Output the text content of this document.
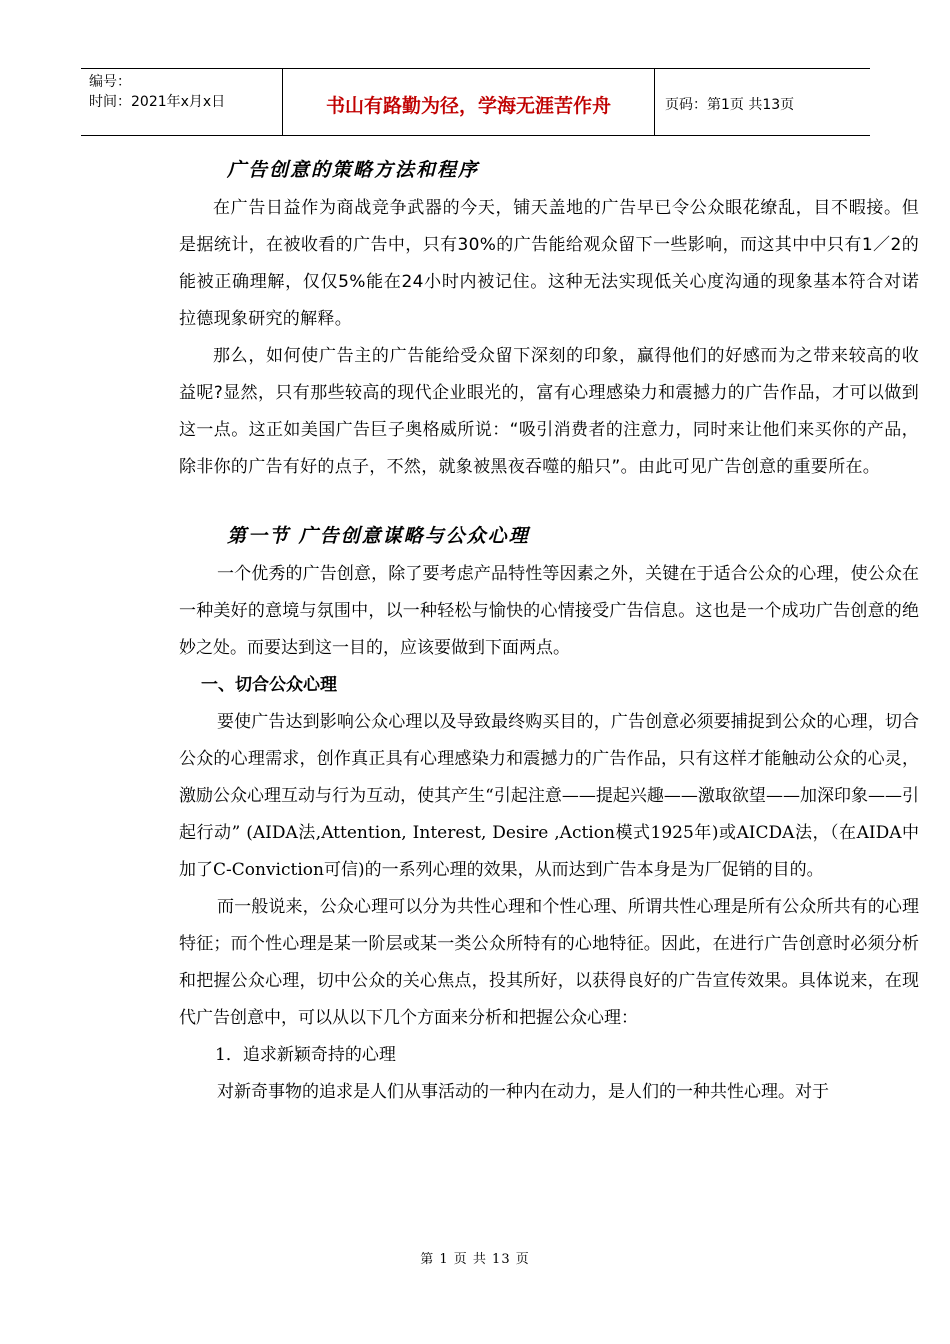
编号：
时间：2021年x月x日	书山有路勤为径，学海无涯苦作舟	页码：第1页 共13页
广告创意的策略方法和程序

在广告日益作为商战竞争武器的今天，铺天盖地的广告早已令公众眼花缭乱，目不暇接。但是据统计，在被收看的广告中，只有30%的广告能给观众留下一些影响，而这其中中只有1／2的能被正确理解，仅仅5%能在24小时内被记住。这种无法实现低关心度沟通的现象基本符合对诺拉德现象研究的解释。

那么，如何使广告主的广告能给受众留下深刻的印象，赢得他们的好感而为之带来较高的收益呢?显然，只有那些较高的现代企业眼光的，富有心理感染力和震撼力的广告作品，才可以做到这一点。这正如美国广告巨子奥格威所说：“吸引消费者的注意力，同时来让他们来买你的产品，除非你的广告有好的点子，不然，就象被黑夜吞噬的船只”。由此可见广告创意的重要所在。

第一节 广告创意谋略与公众心理

一个优秀的广告创意，除了要考虑产品特性等因素之外，关键在于适合公众的心理，使公众在一种美好的意境与氛围中，以一种轻松与愉快的心情接受广告信息。这也是一个成功广告创意的绝妙之处。而要达到这一目的，应该要做到下面两点。

一、切合公众心理

要使广告达到影响公众心理以及导致最终购买目的，广告创意必须要捕捉到公众的心理，切合公众的心理需求，创作真正具有心理感染力和震撼力的广告作品，只有这样才能触动公众的心灵，激励公众心理互动与行为互动，使其产生“引起注意——提起兴趣——激取欲望——加深印象——引起行动” (AIDA法,Attention, Interest, Desire ,Action模式1925年)或AICDA法，（在AIDA中加了C-Conviction可信)的一系列心理的效果，从而达到广告本身是为厂促销的目的。

而一般说来，公众心理可以分为共性心理和个性心理、所谓共性心理是所有公众所共有的心理特征；而个性心理是某一阶层或某一类公众所特有的心地特征。因此，在进行广告创意时必须分析和把握公众心理，切中公众的关心焦点，投其所好，以获得良好的广告宣传效果。具体说来，在现代广告创意中，可以从以下几个方面来分析和把握公众心理：

1．追求新颖奇持的心理

对新奇事物的追求是人们从事活动的一种内在动力，是人们的一种共性心理。对于

第 1 页 共 13 页
